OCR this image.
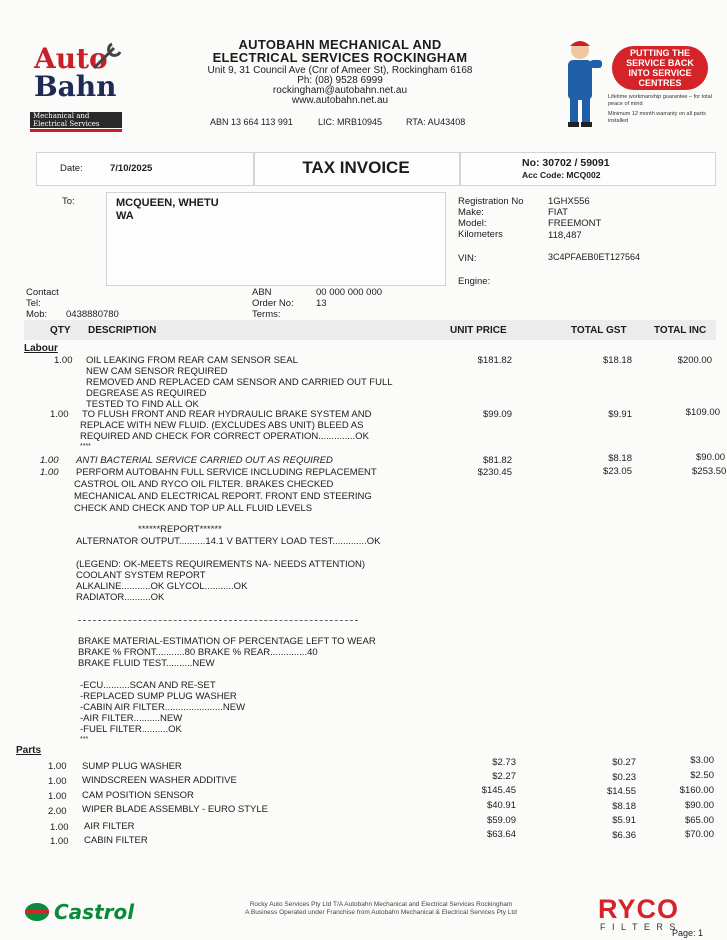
Auto
Bahn
Mechanical and
Electrical Services
AUTOBAHN MECHANICAL AND
ELECTRICAL SERVICES ROCKINGHAM
Unit 9, 31 Council Ave (Cnr of Ameer St), Rockingham 6168
Ph: (08) 9528 6999
rockingham@autobahn.net.au
www.autobahn.net.au
ABN 13 664 113 991	LIC: MRB10945	RTA: AU43408
PUTTING THE
SERVICE BACK
INTO SERVICE
CENTRES
Lifetime workmanship guarantee – for total peace of mind
Minimum 12 month warranty on all parts installed
Date:	7/10/2025	TAX INVOICE	No: 30702 / 59091
Acc Code: MCQ002
To:	MCQUEEN, WHETU
WA
Registration No	1GHX556
Make:	FIAT
Model:	FREEMONT
Kilometers	118,487
VIN:	3C4PFAEB0ET127564
Engine:
Contact
Tel:
Mob: 0438880780
ABN	00 000 000 000
Order No: 13
Terms:
QTY DESCRIPTION	UNIT PRICE	TOTAL GST	TOTAL INC
Labour
1.00 OIL LEAKING FROM REAR CAM SENSOR SEAL
NEW CAM SENSOR REQUIRED
REMOVED AND REPLACED CAM SENSOR AND CARRIED OUT FULL
DEGREASE AS REQUIRED
TESTED TO FIND ALL OK
$181.82	$18.18	$200.00
1.00 TO FLUSH FRONT AND REAR HYDRAULIC BRAKE SYSTEM AND
REPLACE WITH NEW FLUID. (EXCLUDES ABS UNIT) BLEED AS
REQUIRED AND CHECK FOR CORRECT OPERATION..............OK
****
$99.09	$9.91	$109.00
1.00 ANTI BACTERIAL SERVICE CARRIED OUT AS REQUIRED	$81.82	$8.18	$90.00
1.00 PERFORM AUTOBAHN FULL SERVICE INCLUDING REPLACEMENT
CASTROL OIL AND RYCO OIL FILTER. BRAKES CHECKED
MECHANICAL AND ELECTRICAL REPORT. FRONT END STEERING
CHECK AND CHECK AND TOP UP ALL FLUID LEVELS
$230.45	$23.05	$253.50
******REPORT******
ALTERNATOR OUTPUT..........14.1 V BATTERY LOAD TEST.............OK
(LEGEND: OK-MEETS REQUIREMENTS NA- NEEDS ATTENTION)
COOLANT SYSTEM REPORT
ALKALINE...........OK GLYCOL...........OK
RADIATOR..........OK
BRAKE MATERIAL-ESTIMATION OF PERCENTAGE LEFT TO WEAR
BRAKE % FRONT...........80 BRAKE % REAR..............40
BRAKE FLUID TEST..........NEW
-ECU..........SCAN AND RE-SET
-REPLACED SUMP PLUG WASHER
-CABIN AIR FILTER......................NEW
-AIR FILTER..........NEW
-FUEL FILTER..........OK
***
Parts
1.00 SUMP PLUG WASHER	$2.73	$0.27	$3.00
1.00 WINDSCREEN WASHER ADDITIVE	$2.27	$0.23	$2.50
1.00 CAM POSITION SENSOR	$145.45	$14.55	$160.00
2.00 WIPER BLADE ASSEMBLY - EURO STYLE	$40.91	$8.18	$90.00
1.00 AIR FILTER
$59.09	$5.91	$65.00
1.00 CABIN FILTER
$63.64	$6.36	$70.00
Castrol	Rocky Auto Services Pty Ltd T/A Autobahn Mechanical and Electrical Services Rockingham
A Business Operated under Franchise from Autobahn Mechanical & Electrical Services Pty Ltd	RYCO
F I L T E R S
Page: 1
